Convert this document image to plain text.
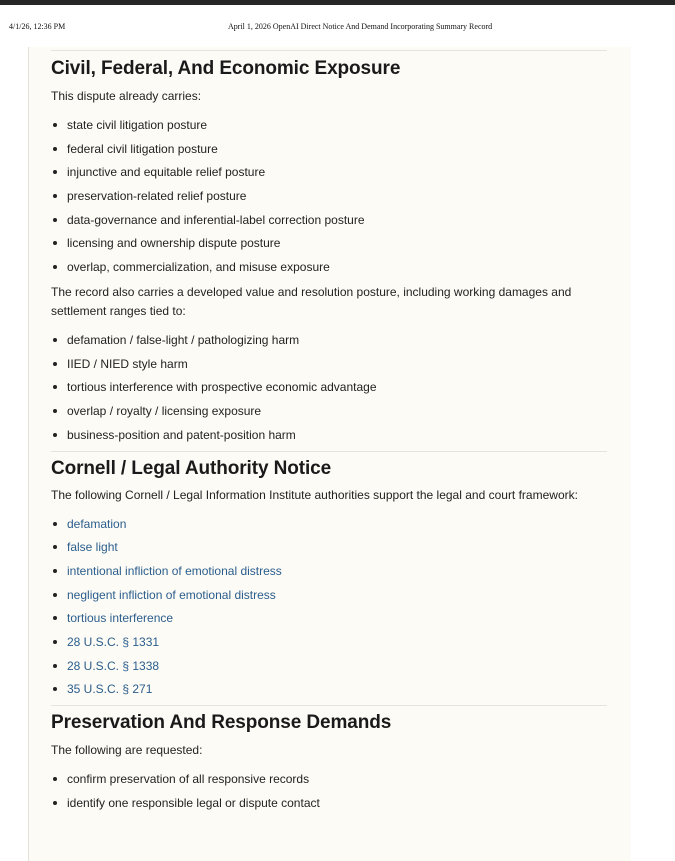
4/1/26, 12:36 PM	April 1, 2026 OpenAI Direct Notice And Demand Incorporating Summary Record
Civil, Federal, And Economic Exposure

This dispute already carries:

state civil litigation posture
federal civil litigation posture
injunctive and equitable relief posture
preservation-related relief posture
data-governance and inferential-label correction posture
licensing and ownership dispute posture
overlap, commercialization, and misuse exposure

The record also carries a developed value and resolution posture, including working damages and settlement ranges tied to:

defamation / false-light / pathologizing harm
IIED / NIED style harm
tortious interference with prospective economic advantage
overlap / royalty / licensing exposure
business-position and patent-position harm
Cornell / Legal Authority Notice

The following Cornell / Legal Information Institute authorities support the legal and court framework:

defamation
false light
intentional infliction of emotional distress
negligent infliction of emotional distress
tortious interference
28 U.S.C. § 1331
28 U.S.C. § 1338
35 U.S.C. § 271
Preservation And Response Demands

The following are requested:

confirm preservation of all responsive records
identify one responsible legal or dispute contact
